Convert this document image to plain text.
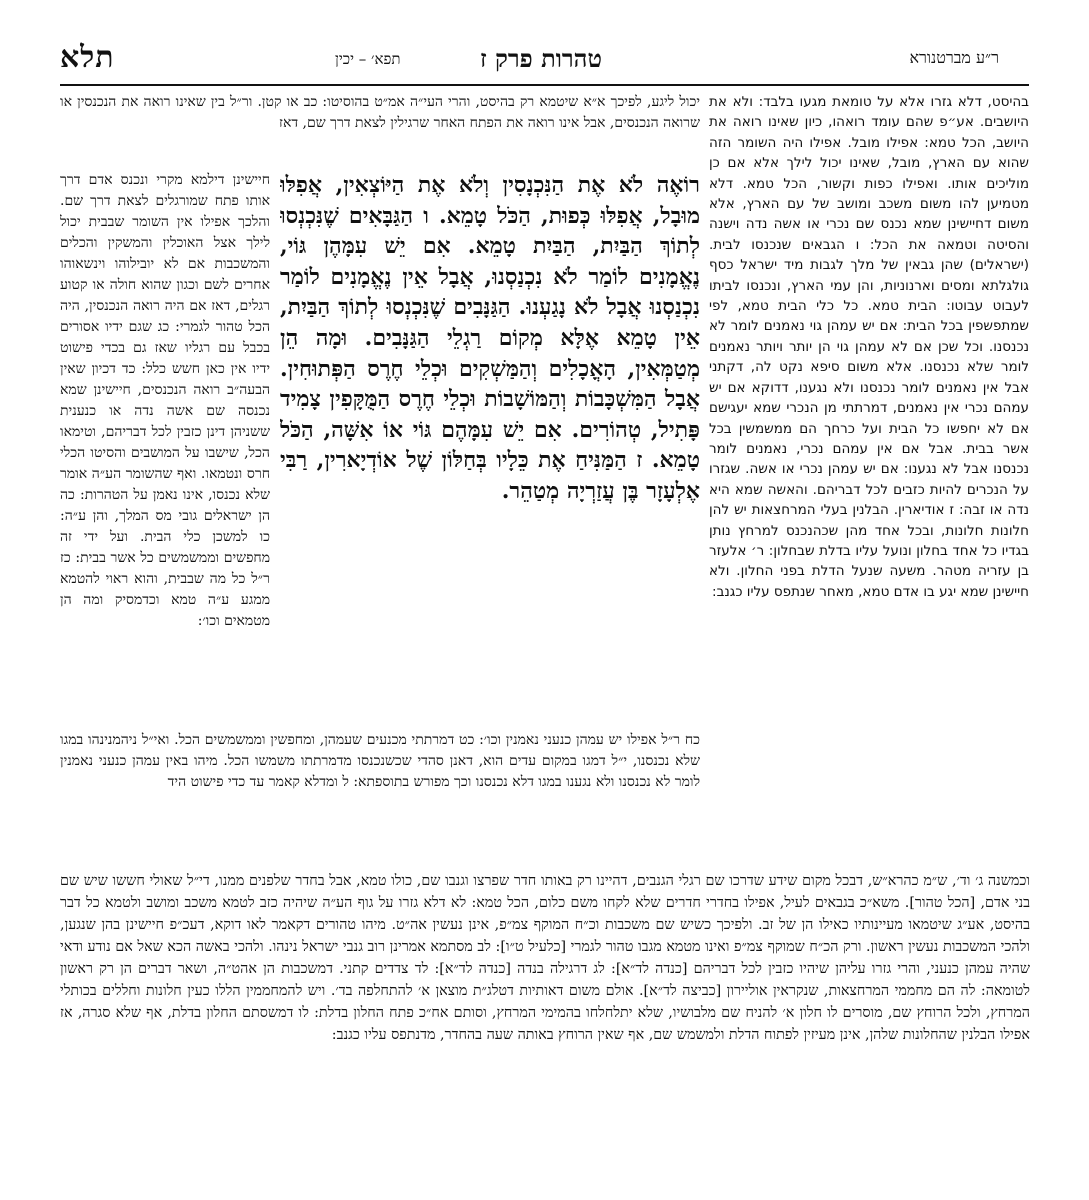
תלא	תפא׳ – יכין	טהרות פרק ז	ר״ע מברטנורא

בהיסט, דלא גזרו אלא על טומאת מגעו בלבד: ולא את היושבים. אע״פ שהם עומד רואהו, כיון שאינו רואה את היושב, הכל טמא: אפילו מובל. אפילו היה השומר הזה שהוא עם הארץ, מובל, שאינו יכול לילך אלא אם כן מוליכים אותו. ואפילו כפות וקשור, הכל טמא. דלא מטמיען להו משום משכב ומושב של עם הארץ, אלא משום דחיישינן שמא נכנס שם נכרי או אשה נדה וישנה והסיטה וטמאה את הכל: ו הגבאים שנכנסו לבית. (ישראלים) שהן גבאין של מלך לגבות מיד ישראל כסף גולגלתא ומסים וארנוניות, והן עמי הארץ, ונכנסו לביתו לעבוט עבוטו: הבית טמא. כל כלי הבית טמא, לפי שמתפשפין בכל הבית: אם יש עמהן גוי נאמנים לומר לא נכנסנו. וכל שכן אם לא עמהן גוי הן יותר ויותר נאמנים לומר שלא נכנסנו. אלא משום סיפא נקט לה, דקתני אבל אין נאמנים לומר נכנסנו ולא נגענו, דדוקא אם יש עמהם נכרי אין נאמנים, דמרתתי מן הנכרי שמא יעגישם אם לא יחפשו כל הבית ועל כרחך הם ממשמשין בכל אשר בבית. אבל אם אין עמהם נכרי, נאמנים לומר נכנסנו אבל לא נגענו: אם יש עמהן נכרי או אשה. שגזרו על הנכרים להיות כזבים לכל דבריהם. והאשה שמא היא נדה או זבה: ז אודיארין. הבלנין בעלי המרחצאות יש להן חלונות חלונות, ובכל אחד מהן שכהנכנס למרחץ נותן בגדיו כל אחד בחלון ונועל עליו בדלת שבחלון: ר׳ אלעזר בן עזריה מטהר. משעה שנעל הדלת בפני החלון. ולא חיישינן שמא יגע בו אדם טמא, מאחר שנתפס עליו כגנב:

יכול ליגע, לפיכך א״א שיטמא רק בהיסט, והרי העי״ה אמ״ט בהוסיטו: כב או קטן. ור״ל בין שאינו רואה את הנכנסין או שרואה הנכנסים, אבל אינו רואה את הפתח האחר שרגילין לצאת דרך שם, דאז

רוֹאֶה לֹא אֶת הַנִּכְנָסִין וְלֹא אֶת הַיּוֹצְאִין, אֲפִלּוּ מוּבָל, אֲפִלּוּ כְּפוּת, הַכֹּל טָמֵא. ו הַגַּבָּאִים שֶׁנִּכְנְסוּ לְתוֹךְ הַבַּיִת, הַבַּיִת טָמֵא. אִם יֵשׁ עִמָּהֶן גּוֹי, נֶאֱמָנִים לוֹמַר לֹא נִכְנַסְנוּ, אֲבָל אֵין נֶאֱמָנִים לוֹמַר נִכְנַסְנוּ אֲבָל לֹא נָגַעְנוּ. הַגַּנָּבִים שֶׁנִּכְנְסוּ לְתוֹךְ הַבַּיִת, אֵין טָמֵא אֶלָּא מְקוֹם רַגְלֵי הַגַּנָּבִים. וּמָה הֵן מְטַמְּאִין, הָאֳכָלִים וְהַמַּשְׁקִים וּכְלֵי חֶרֶס הַפְּתוּחִין. אֲבָל הַמִּשְׁכָּבוֹת וְהַמּוֹשָׁבוֹת וּכְלֵי חֶרֶס הַמֻּקָּפִין צָמִיד פָּתִיל, טְהוֹרִים. אִם יֵשׁ עִמָּהֶם גּוֹי אוֹ אִשָּׁה, הַכֹּל טָמֵא. ז הַמַּנִּיחַ אֶת כֵּלָיו בְּחַלּוֹן שֶׁל אוֹדְיָארִין, רַבִּי אֶלְעָזָר בֶּן עֲזַרְיָה מְטַהֵר.

חיישינן דילמא מקרי ונכנס אדם דרך אותו פתח שמורגלים לצאת דרך שם. והלכך אפילו אין השומר שבבית יכול לילך אצל האוכלין והמשקין והכלים והמשכבות אם לא יובילוהו וינשאוהו אחרים לשם וכגון שהוא חולה או קטוע רגלים, דאז אם היה רואה הנכנסין, היה הכל טהור לגמרי: כג שגם ידיו אסורים בכבל עם רגליו שאז גם בכדי פישוט ידיו אין כאן חשש כלל: כד דכיון שאין הבעה״ב רואה הנכנסים, חיישינן שמא נכנסה שם אשה נדה או כנענית ששניהן דינן כזבין לכל דבריהם, וטימאו הכל, שישבו על המושבים והסיטו הכלי חרס ונטמאו. ואף שהשומר הע״ה אומר שלא נכנסו, אינו נאמן על הטהרות: כה הן ישראלים גובי מס המלך, והן ע״ה: כו למשכן כלי הבית. ועל ידי זה מחפשים וממשמשים כל אשר בבית: כז ר״ל כל מה שבבית, והוא ראוי להטמא ממגע ע״ה טמא וכדמסיק ומה הן מטמאים וכו׳:

כח ר״ל אפילו יש עמהן כנעני נאמנין וכו׳: כט דמרתתי מכנעים שעמהן, ומחפשין וממשמשים הכל. ואי״ל ניהמנינהו במגו שלא נכנסנו, י״ל דמגו במקום עדים הוא, דאנן סהדי שכשנכנסו מדמרתתו משמשו הכל. מיהו באין עמהן כנעני נאמנין לומר לא נכנסנו ולא נגענו במגו דלא נכנסנו וכך מפורש בתוספתא: ל ומדלא קאמר עד כדי פישוט היד

וכמשנה ג׳ וד׳, ש״מ כהרא״ש, דבכל מקום שידע שדרכו שם רגלי הגנבים, דהיינו רק באותו חדר שפרצו וגנבו שם, כולו טמא, אבל בחדר שלפנים ממנו, די״ל שאולי חששו שיש שם בני אדם, [הכל טהור]. משא״כ בגבאים לעיל, אפילו בחדרי חדרים שלא לקחו משם כלום, הכל טמא: לא דלא גזרו על גוף הע״ה שיהיה כזב לטמא משכב ומושב ולטמא כל דבר בהיסט, אע״ג שיטמאו מעיינותיו כאילו הן של זב. ולפיכך כשיש שם משכבות וכ״ח המוקף צמ״פ, אינן נעשין אה״ט. מיהו טהורים דקאמר לאו דוקא, דעכ״פ חיישינן בהן שנגען, ולהכי המשכבות נעשין ראשון. ורק הכ״ח שמוקף צמ״פ ואינו מטמא מגבו טהור לגמרי [כלעיל ט״ו]: לב מסתמא אמרינן רוב גנבי ישראל נינהו. ולהכי באשה הכא שאל אם נודע ודאי שהיה עמהן כנעני, והרי גזרו עליהן שיהיו כזבין לכל דבריהם [כנדה לד״א]: לג דרגילה בנדה [כנדה לד״א]: לד צדדים קתני. דמשכבות הן אהט״ה, ושאר דברים הן רק ראשון לטומאה: לה הם מחממי המרחצאות, שנקראין אוליירון [כביצה לד״א]. אולם משום דאותיות דטלג״ת מוצאן א׳ להתחלפה בד׳. ויש להמחממין הללו כעין חלונות וחללים בכותלי המרחץ, ולכל הרוחץ שם, מוסרים לו חלון א׳ להניח שם מלבושיו, שלא יתלחלחו בהמימי המרחץ, וסותם אח״כ פתח החלון בדלת: לו דמשסתם החלון בדלת, אף שלא סגרה, אז אפילו הבלנין שהחלונות שלהן, אינן מעיזין לפתוח הדלת ולמשמש שם, אף שאין הרוחץ באותה שעה בהחדר, מדנתפס עליו כגנב:
